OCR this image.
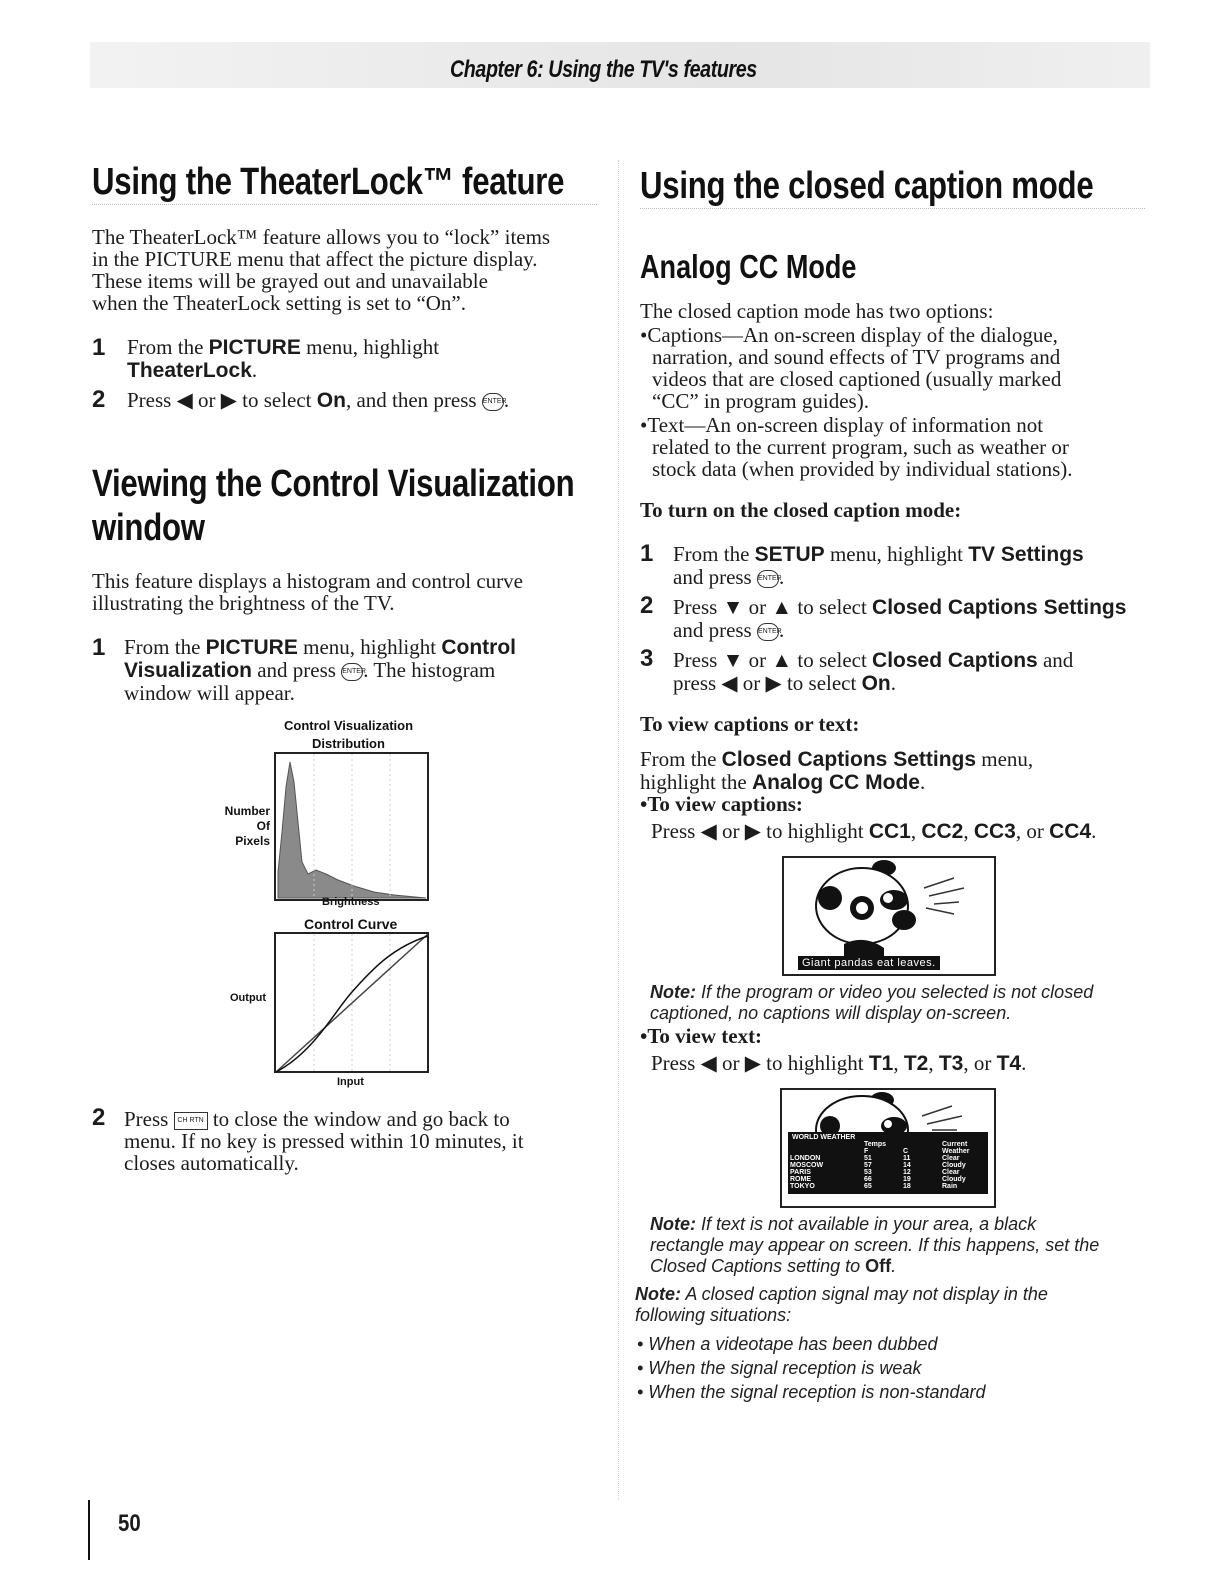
Chapter 6: Using the TV's features
Using the TheaterLock™ feature
The TheaterLock™ feature allows you to “lock” items
in the PICTURE menu that affect the picture display.
These items will be grayed out and unavailable
when the TheaterLock setting is set to “On”.
1 From the PICTURE menu, highlight
TheaterLock.
2 Press ◀ or ▶ to select On, and then press ENTER.
Viewing the Control Visualization
window
This feature displays a histogram and control curve
illustrating the brightness of the TV.
1 From the PICTURE menu, highlight Control
Visualization and press ENTER. The histogram
window will appear.
Control Visualization
Distribution
Number
Of
Pixels
Brightness
Control Curve
Output
Input
2 Press CH RTN to close the window and go back to
menu. If no key is pressed within 10 minutes, it
closes automatically.
Using the closed caption mode
Analog CC Mode
The closed caption mode has two options:
•Captions—An on-screen display of the dialogue,
narration, and sound effects of TV programs and
videos that are closed captioned (usually marked
“CC” in program guides).
•Text—An on-screen display of information not
related to the current program, such as weather or
stock data (when provided by individual stations).
To turn on the closed caption mode:
1 From the SETUP menu, highlight TV Settings
and press ENTER.
2 Press ▼ or ▲ to select Closed Captions Settings
and press ENTER.
3 Press ▼ or ▲ to select Closed Captions and
press ◀ or ▶ to select On.
To view captions or text:
From the Closed Captions Settings menu,
highlight the Analog CC Mode.
•To view captions:
Press ◀ or ▶ to highlight CC1, CC2, CC3, or CC4.
Giant pandas eat leaves.
Note: If the program or video you selected is not closed
captioned, no captions will display on-screen.
•To view text:
Press ◀ or ▶ to highlight T1, T2, T3, or T4.
WORLD WEATHER
	Temps		Current
	F	C	Weather
LONDON	51	11	Clear
MOSCOW	57	14	Cloudy
PARIS	53	12	Clear
ROME	66	19	Cloudy
TOKYO	65	18	Rain
Note: If text is not available in your area, a black
rectangle may appear on screen. If this happens, set the
Closed Captions setting to Off.
Note: A closed caption signal may not display in the
following situations:
• When a videotape has been dubbed
• When the signal reception is weak
• When the signal reception is non-standard
50
